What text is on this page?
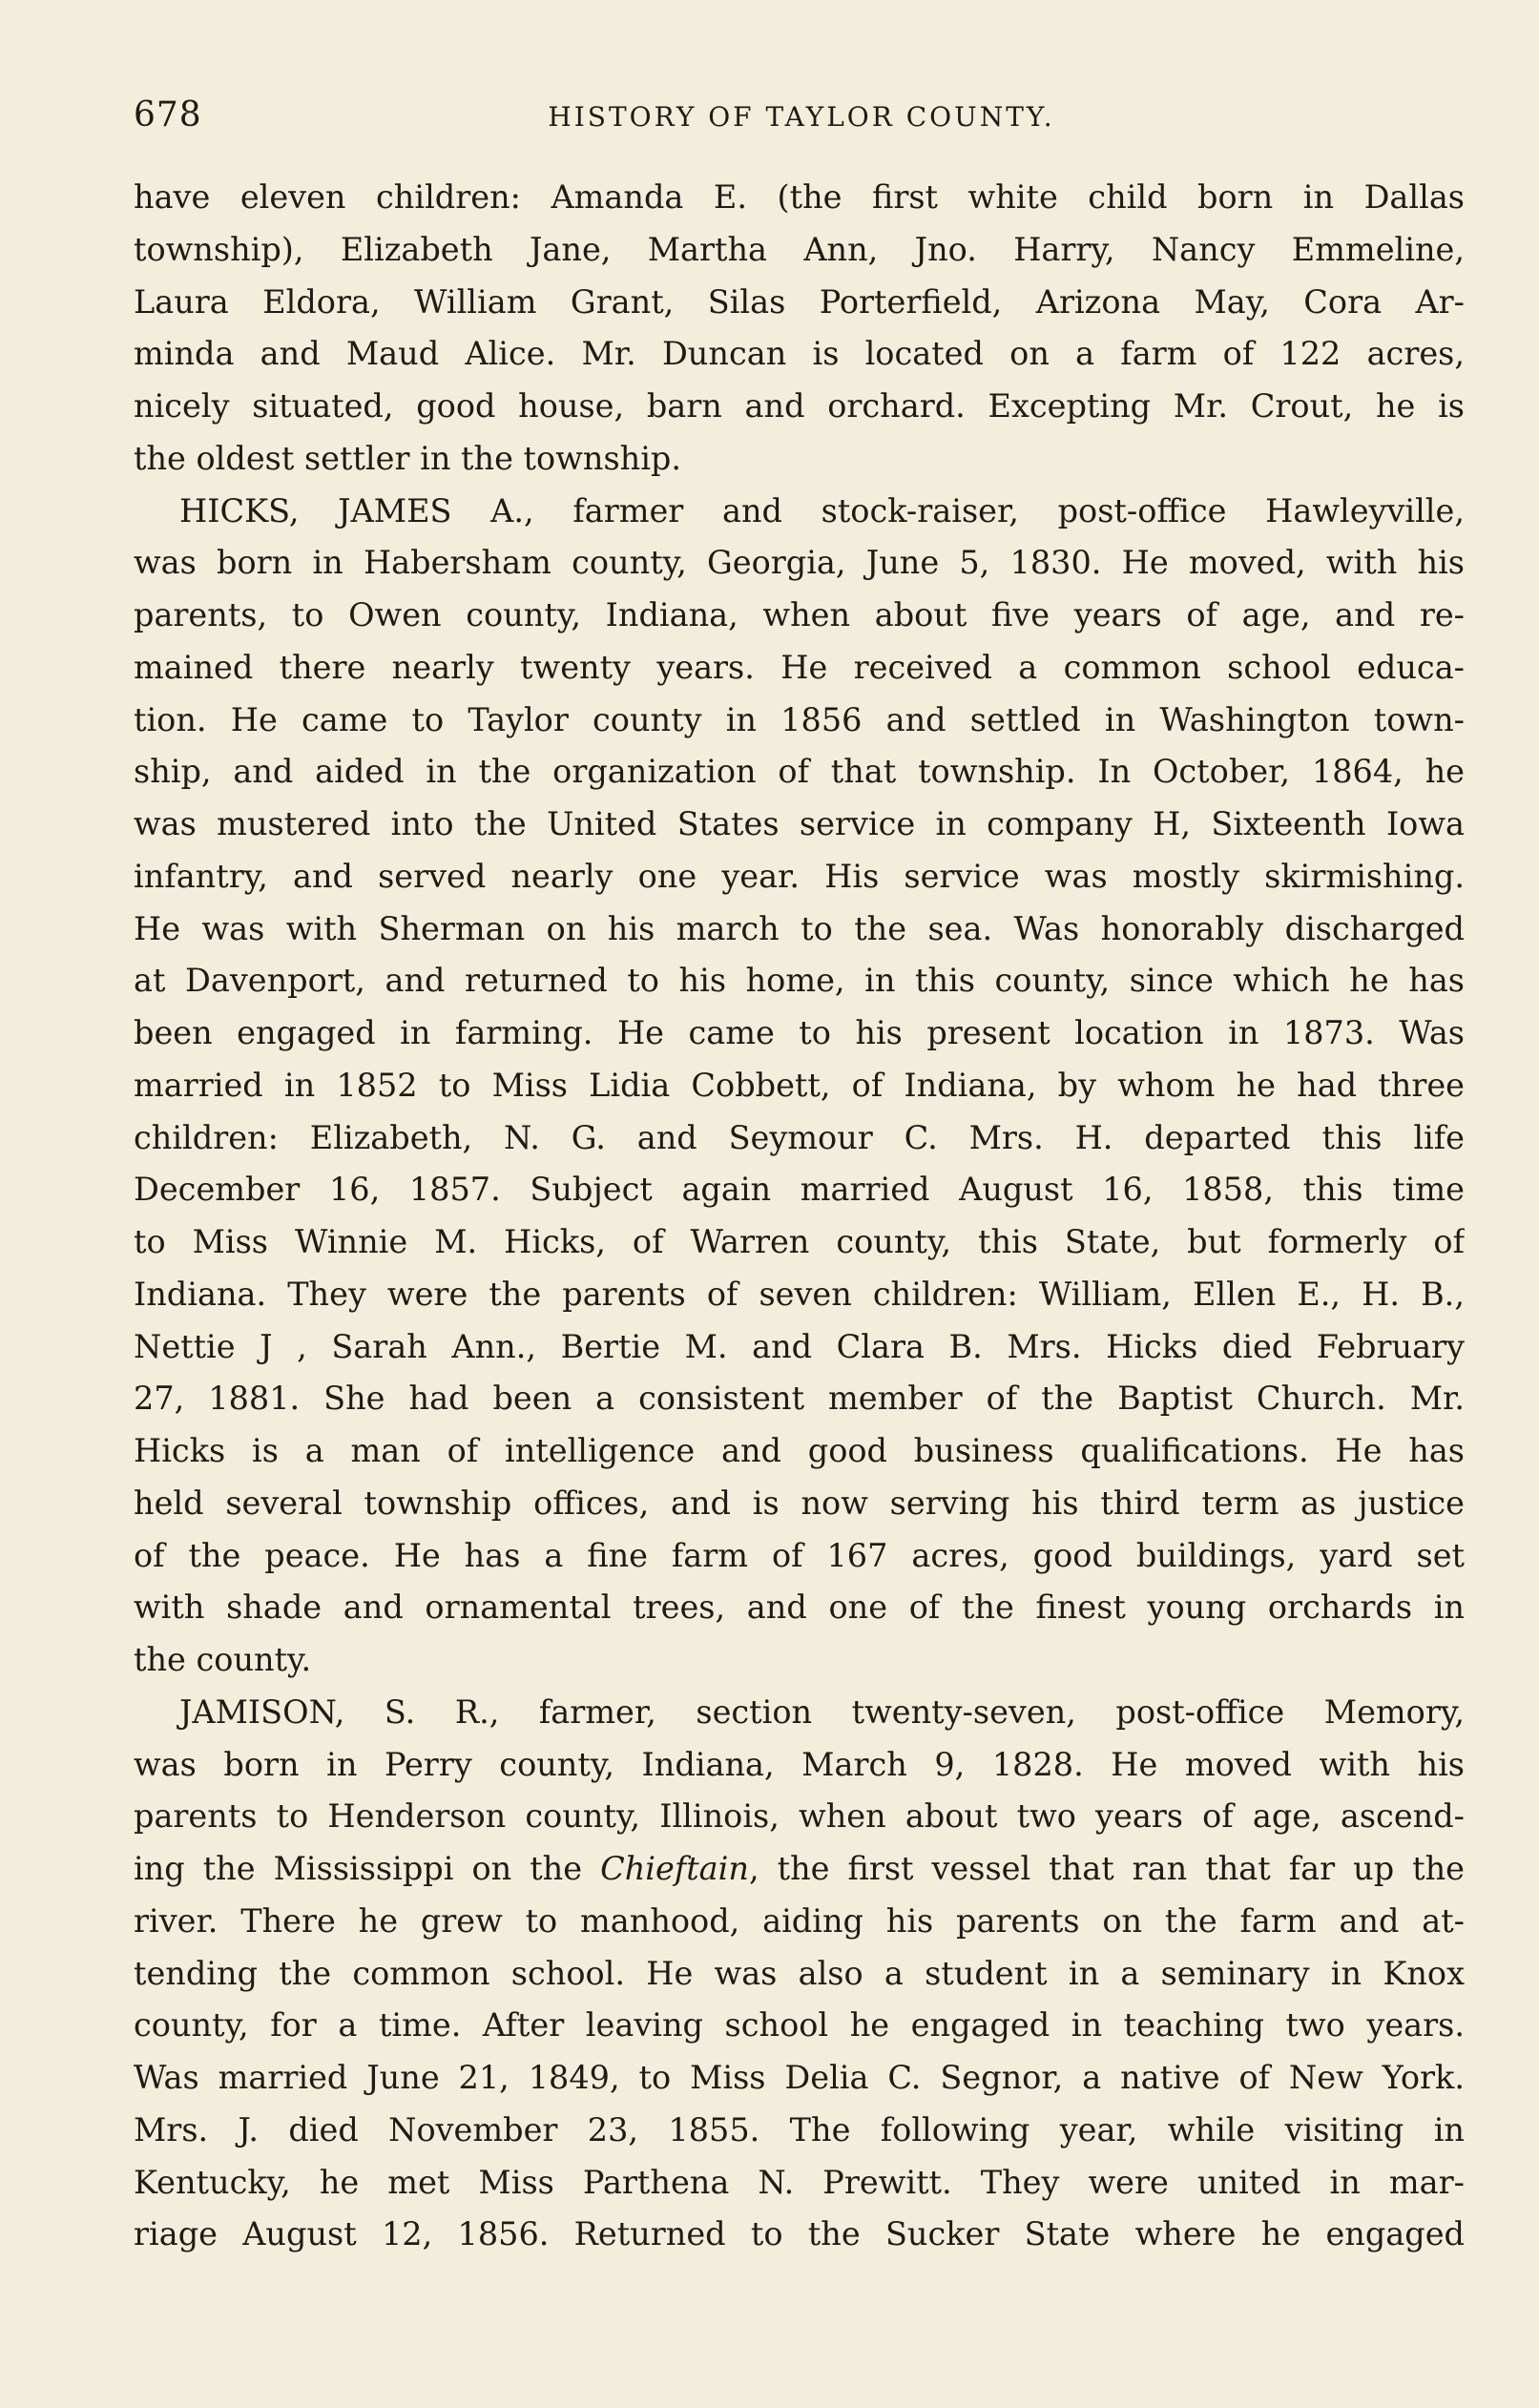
678	HISTORY OF TAYLOR COUNTY.
have eleven children: Amanda E. (the first white child born in Dallas
township), Elizabeth Jane, Martha Ann, Jno. Harry, Nancy Emmeline,
Laura Eldora, William Grant, Silas Porterfield, Arizona May, Cora Ar-
minda and Maud Alice. Mr. Duncan is located on a farm of 122 acres,
nicely situated, good house, barn and orchard. Excepting Mr. Crout, he is
the oldest settler in the township.
HICKS, JAMES A., farmer and stock-raiser, post-office Hawleyville,
was born in Habersham county, Georgia, June 5, 1830. He moved, with his
parents, to Owen county, Indiana, when about five years of age, and re-
mained there nearly twenty years. He received a common school educa-
tion. He came to Taylor county in 1856 and settled in Washington town-
ship, and aided in the organization of that township. In October, 1864, he
was mustered into the United States service in company H, Sixteenth Iowa
infantry, and served nearly one year. His service was mostly skirmishing.
He was with Sherman on his march to the sea. Was honorably discharged
at Davenport, and returned to his home, in this county, since which he has
been engaged in farming. He came to his present location in 1873. Was
married in 1852 to Miss Lidia Cobbett, of Indiana, by whom he had three
children: Elizabeth, N. G. and Seymour C. Mrs. H. departed this life
December 16, 1857. Subject again married August 16, 1858, this time
to Miss Winnie M. Hicks, of Warren county, this State, but formerly of
Indiana. They were the parents of seven children: William, Ellen E., H. B.,
Nettie J , Sarah Ann., Bertie M. and Clara B. Mrs. Hicks died February
27, 1881. She had been a consistent member of the Baptist Church. Mr.
Hicks is a man of intelligence and good business qualifications. He has
held several township offices, and is now serving his third term as justice
of the peace. He has a fine farm of 167 acres, good buildings, yard set
with shade and ornamental trees, and one of the finest young orchards in
the county.
JAMISON, S. R., farmer, section twenty-seven, post-office Memory,
was born in Perry county, Indiana, March 9, 1828. He moved with his
parents to Henderson county, Illinois, when about two years of age, ascend-
ing the Mississippi on the Chieftain, the first vessel that ran that far up the
river. There he grew to manhood, aiding his parents on the farm and at-
tending the common school. He was also a student in a seminary in Knox
county, for a time. After leaving school he engaged in teaching two years.
Was married June 21, 1849, to Miss Delia C. Segnor, a native of New York.
Mrs. J. died November 23, 1855. The following year, while visiting in
Kentucky, he met Miss Parthena N. Prewitt. They were united in mar-
riage August 12, 1856. Returned to the Sucker State where he engaged
